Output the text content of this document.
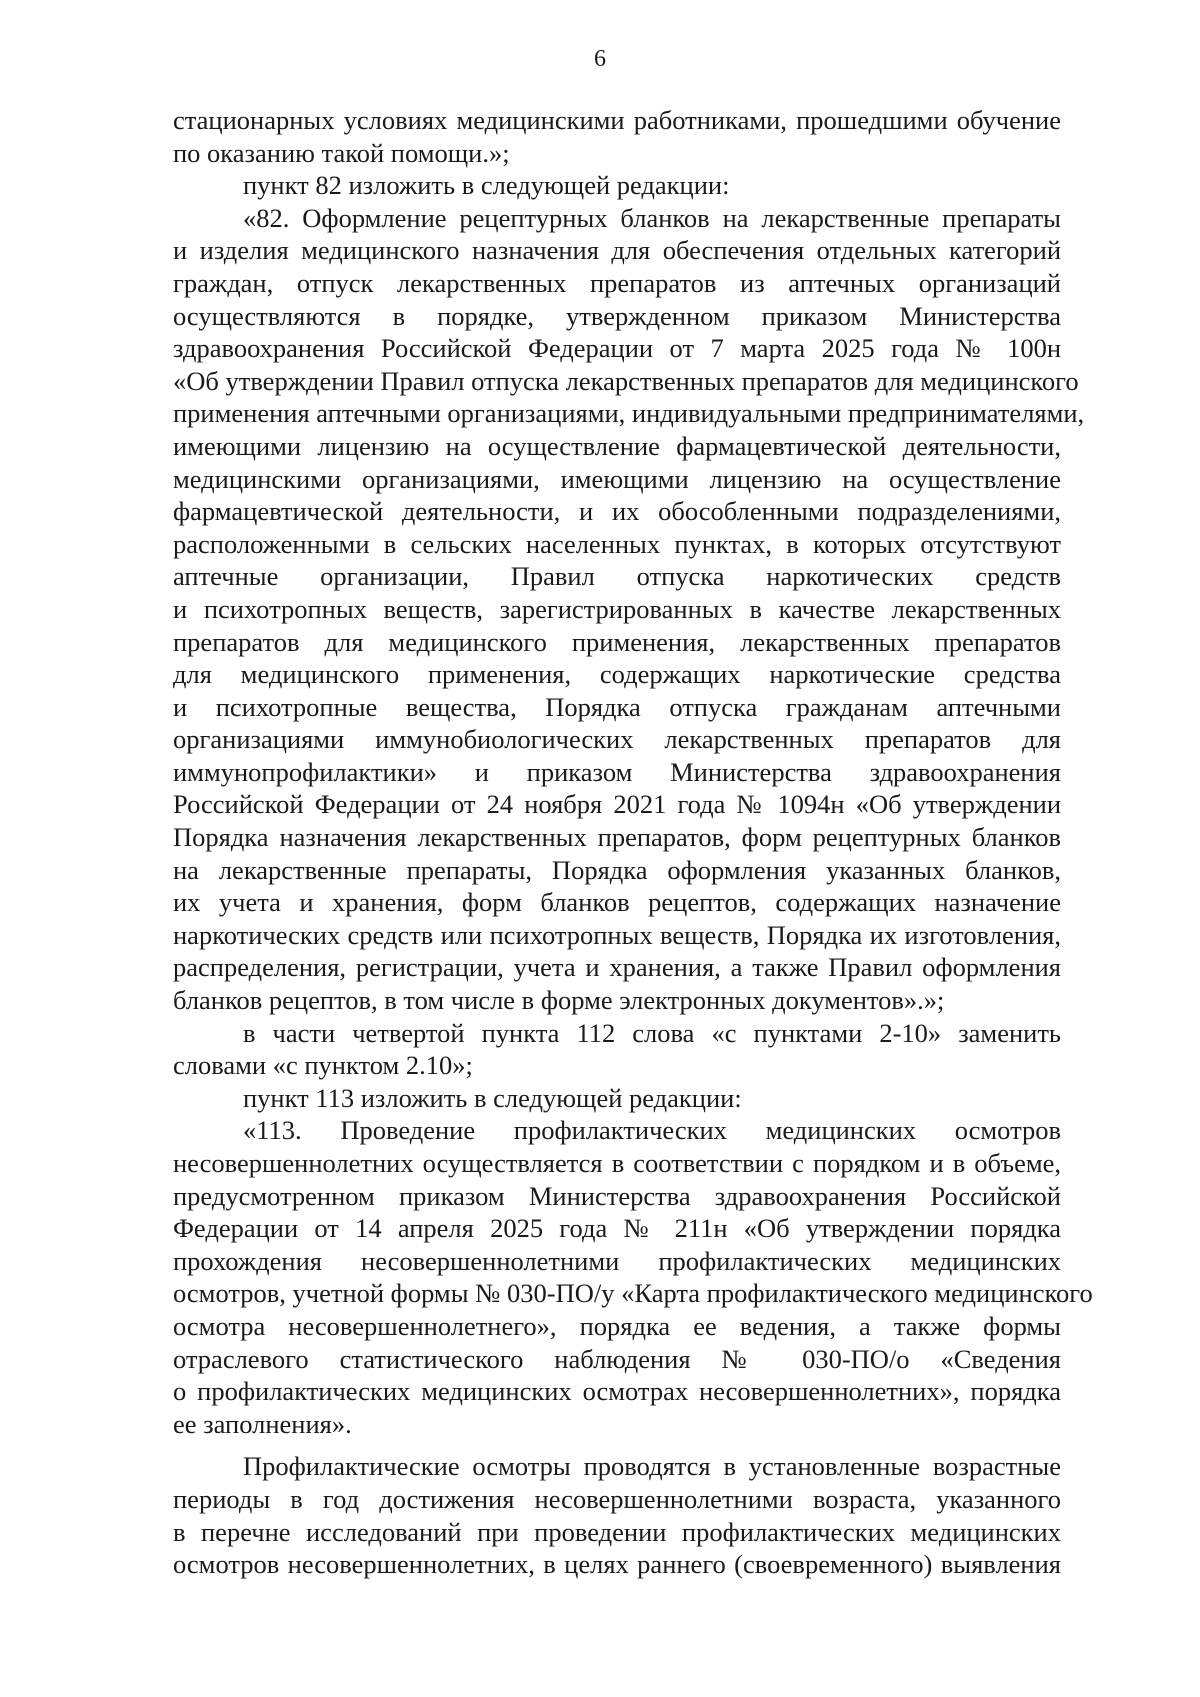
6
стационарных условиях медицинскими работниками, прошедшими обучение
по оказанию такой помощи.»;
пункт 82 изложить в следующей редакции:
«82. Оформление рецептурных бланков на лекарственные препараты
и изделия медицинского назначения для обеспечения отдельных категорий
граждан, отпуск лекарственных препаратов из аптечных организаций
осуществляются в порядке, утвержденном приказом Министерства
здравоохранения Российской Федерации от 7 марта 2025 года № 100н
«Об утверждении Правил отпуска лекарственных препаратов для медицинского
применения аптечными организациями, индивидуальными предпринимателями,
имеющими лицензию на осуществление фармацевтической деятельности,
медицинскими организациями, имеющими лицензию на осуществление
фармацевтической деятельности, и их обособленными подразделениями,
расположенными в сельских населенных пунктах, в которых отсутствуют
аптечные организации, Правил отпуска наркотических средств
и психотропных веществ, зарегистрированных в качестве лекарственных
препаратов для медицинского применения, лекарственных препаратов
для медицинского применения, содержащих наркотические средства
и психотропные вещества, Порядка отпуска гражданам аптечными
организациями иммунобиологических лекарственных препаратов для
иммунопрофилактики» и приказом Министерства здравоохранения
Российской Федерации от 24 ноября 2021 года № 1094н «Об утверждении
Порядка назначения лекарственных препаратов, форм рецептурных бланков
на лекарственные препараты, Порядка оформления указанных бланков,
их учета и хранения, форм бланков рецептов, содержащих назначение
наркотических средств или психотропных веществ, Порядка их изготовления,
распределения, регистрации, учета и хранения, а также Правил оформления
бланков рецептов, в том числе в форме электронных документов».»;
в части четвертой пункта 112 слова «с пунктами 2-10» заменить
словами «с пунктом 2.10»;
пункт 113 изложить в следующей редакции:
«113. Проведение профилактических медицинских осмотров
несовершеннолетних осуществляется в соответствии с порядком и в объеме,
предусмотренном приказом Министерства здравоохранения Российской
Федерации от 14 апреля 2025 года № 211н «Об утверждении порядка
прохождения несовершеннолетними профилактических медицинских
осмотров, учетной формы № 030-ПО/у «Карта профилактического медицинского
осмотра несовершеннолетнего», порядка ее ведения, а также формы
отраслевого статистического наблюдения № 030-ПО/о «Сведения
о профилактических медицинских осмотрах несовершеннолетних», порядка
ее заполнения».
Профилактические осмотры проводятся в установленные возрастные
периоды в год достижения несовершеннолетними возраста, указанного
в перечне исследований при проведении профилактических медицинских
осмотров несовершеннолетних, в целях раннего (своевременного) выявления
